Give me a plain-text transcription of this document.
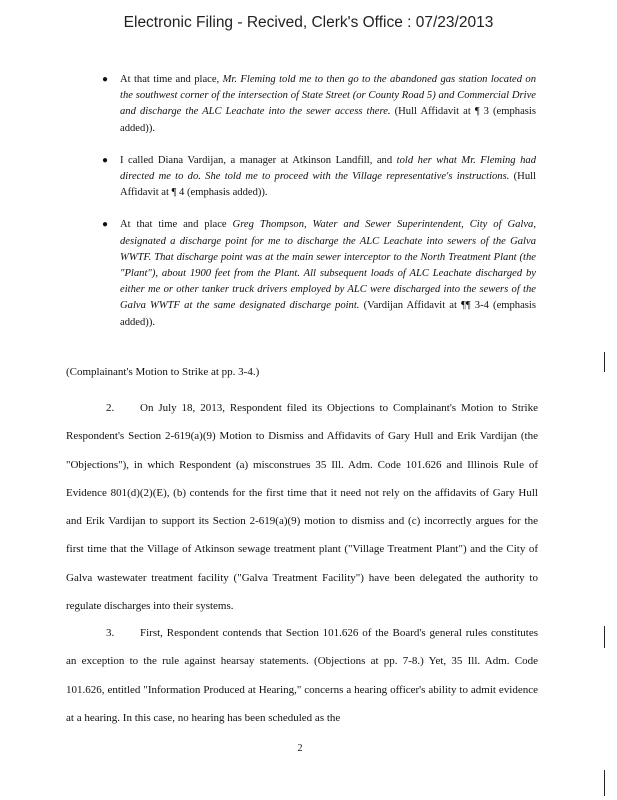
Electronic Filing - Recived, Clerk's Office : 07/23/2013
● At that time and place, Mr. Fleming told me to then go to the abandoned gas station located on the southwest corner of the intersection of State Street (or County Road 5) and Commercial Drive and discharge the ALC Leachate into the sewer access there. (Hull Affidavit at ¶ 3 (emphasis added)).
● I called Diana Vardijan, a manager at Atkinson Landfill, and told her what Mr. Fleming had directed me to do. She told me to proceed with the Village representative's instructions. (Hull Affidavit at ¶ 4 (emphasis added)).
● At that time and place Greg Thompson, Water and Sewer Superintendent, City of Galva, designated a discharge point for me to discharge the ALC Leachate into sewers of the Galva WWTF. That discharge point was at the main sewer interceptor to the North Treatment Plant (the "Plant"), about 1900 feet from the Plant. All subsequent loads of ALC Leachate discharged by either me or other tanker truck drivers employed by ALC were discharged into the sewers of the Galva WWTF at the same designated discharge point. (Vardijan Affidavit at ¶¶ 3-4 (emphasis added)).
(Complainant's Motion to Strike at pp. 3-4.)

2. On July 18, 2013, Respondent filed its Objections to Complainant's Motion to Strike Respondent's Section 2-619(a)(9) Motion to Dismiss and Affidavits of Gary Hull and Erik Vardijan (the "Objections"), in which Respondent (a) misconstrues 35 Ill. Adm. Code 101.626 and Illinois Rule of Evidence 801(d)(2)(E), (b) contends for the first time that it need not rely on the affidavits of Gary Hull and Erik Vardijan to support its Section 2-619(a)(9) motion to dismiss and (c) incorrectly argues for the first time that the Village of Atkinson sewage treatment plant ("Village Treatment Plant") and the City of Galva wastewater treatment facility ("Galva Treatment Facility") have been delegated the authority to regulate discharges into their systems.

3. First, Respondent contends that Section 101.626 of the Board's general rules constitutes an exception to the rule against hearsay statements. (Objections at pp. 7-8.) Yet, 35 Ill. Adm. Code 101.626, entitled "Information Produced at Hearing," concerns a hearing officer's ability to admit evidence at a hearing. In this case, no hearing has been scheduled as the

2
